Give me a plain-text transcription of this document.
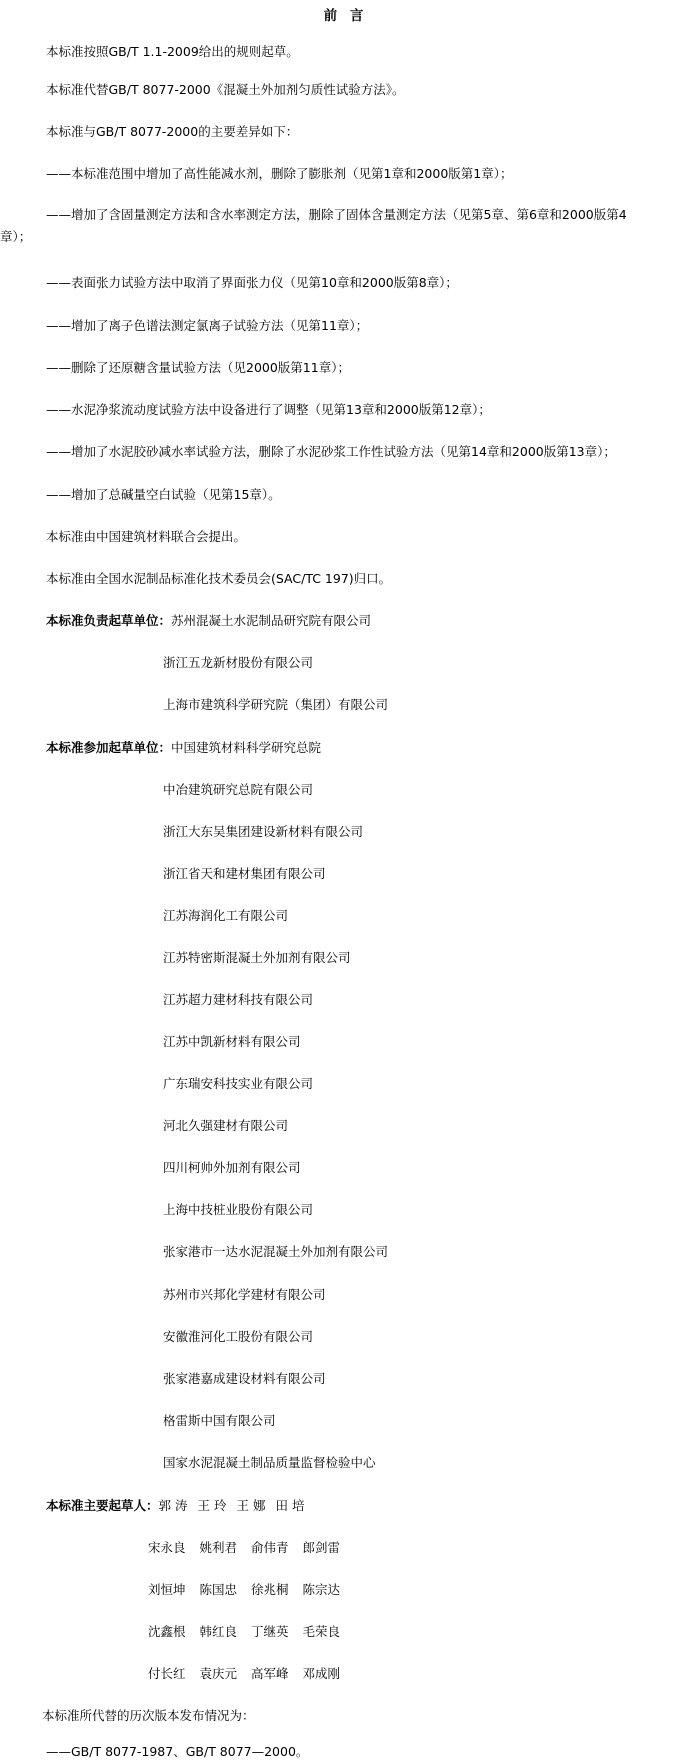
前 言
本标准按照GB/T 1.1-2009给出的规则起草。
本标准代替GB/T 8077-2000《混凝土外加剂匀质性试验方法》。
本标准与GB/T 8077-2000的主要差异如下：
——本标准范围中增加了高性能减水剂，删除了膨胀剂（见第1章和2000版第1章）；
——增加了含固量测定方法和含水率测定方法，删除了固体含量测定方法（见第5章、第6章和2000版第4
章）；
——表面张力试验方法中取消了界面张力仪（见第10章和2000版第8章）；
——增加了离子色谱法测定氯离子试验方法（见第11章）；
——删除了还原糖含量试验方法（见2000版第11章）；
——水泥净浆流动度试验方法中设备进行了调整（见第13章和2000版第12章）；
——增加了水泥胶砂减水率试验方法，删除了水泥砂浆工作性试验方法（见第14章和2000版第13章）；
——增加了总碱量空白试验（见第15章）。
本标准由中国建筑材料联合会提出。
本标准由全国水泥制品标准化技术委员会(SAC/TC 197)归口。
本标准负责起草单位：苏州混凝土水泥制品研究院有限公司
浙江五龙新材股份有限公司
上海市建筑科学研究院（集团）有限公司
本标准参加起草单位：中国建筑材料科学研究总院
中冶建筑研究总院有限公司
浙江大东吴集团建设新材料有限公司
浙江省天和建材集团有限公司
江苏海润化工有限公司
江苏特密斯混凝土外加剂有限公司
江苏超力建材科技有限公司
江苏中凯新材料有限公司
广东瑞安科技实业有限公司
河北久强建材有限公司
四川柯帅外加剂有限公司
上海中技桩业股份有限公司
张家港市一达水泥混凝土外加剂有限公司
苏州市兴邦化学建材有限公司
安徽淮河化工股份有限公司
张家港嘉成建设材料有限公司
格雷斯中国有限公司
国家水泥混凝土制品质量监督检验中心
本标准主要起草人：郭 涛 王 玲 王 娜 田 培
宋永良 姚利君 俞伟青 郎剑雷
刘恒坤 陈国忠 徐兆桐 陈宗达
沈鑫根 韩红良 丁继英 毛荣良
付长红 袁庆元 高军峰 邓成刚
本标准所代替的历次版本发布情况为：
——GB/T 8077-1987、GB/T 8077—2000。
